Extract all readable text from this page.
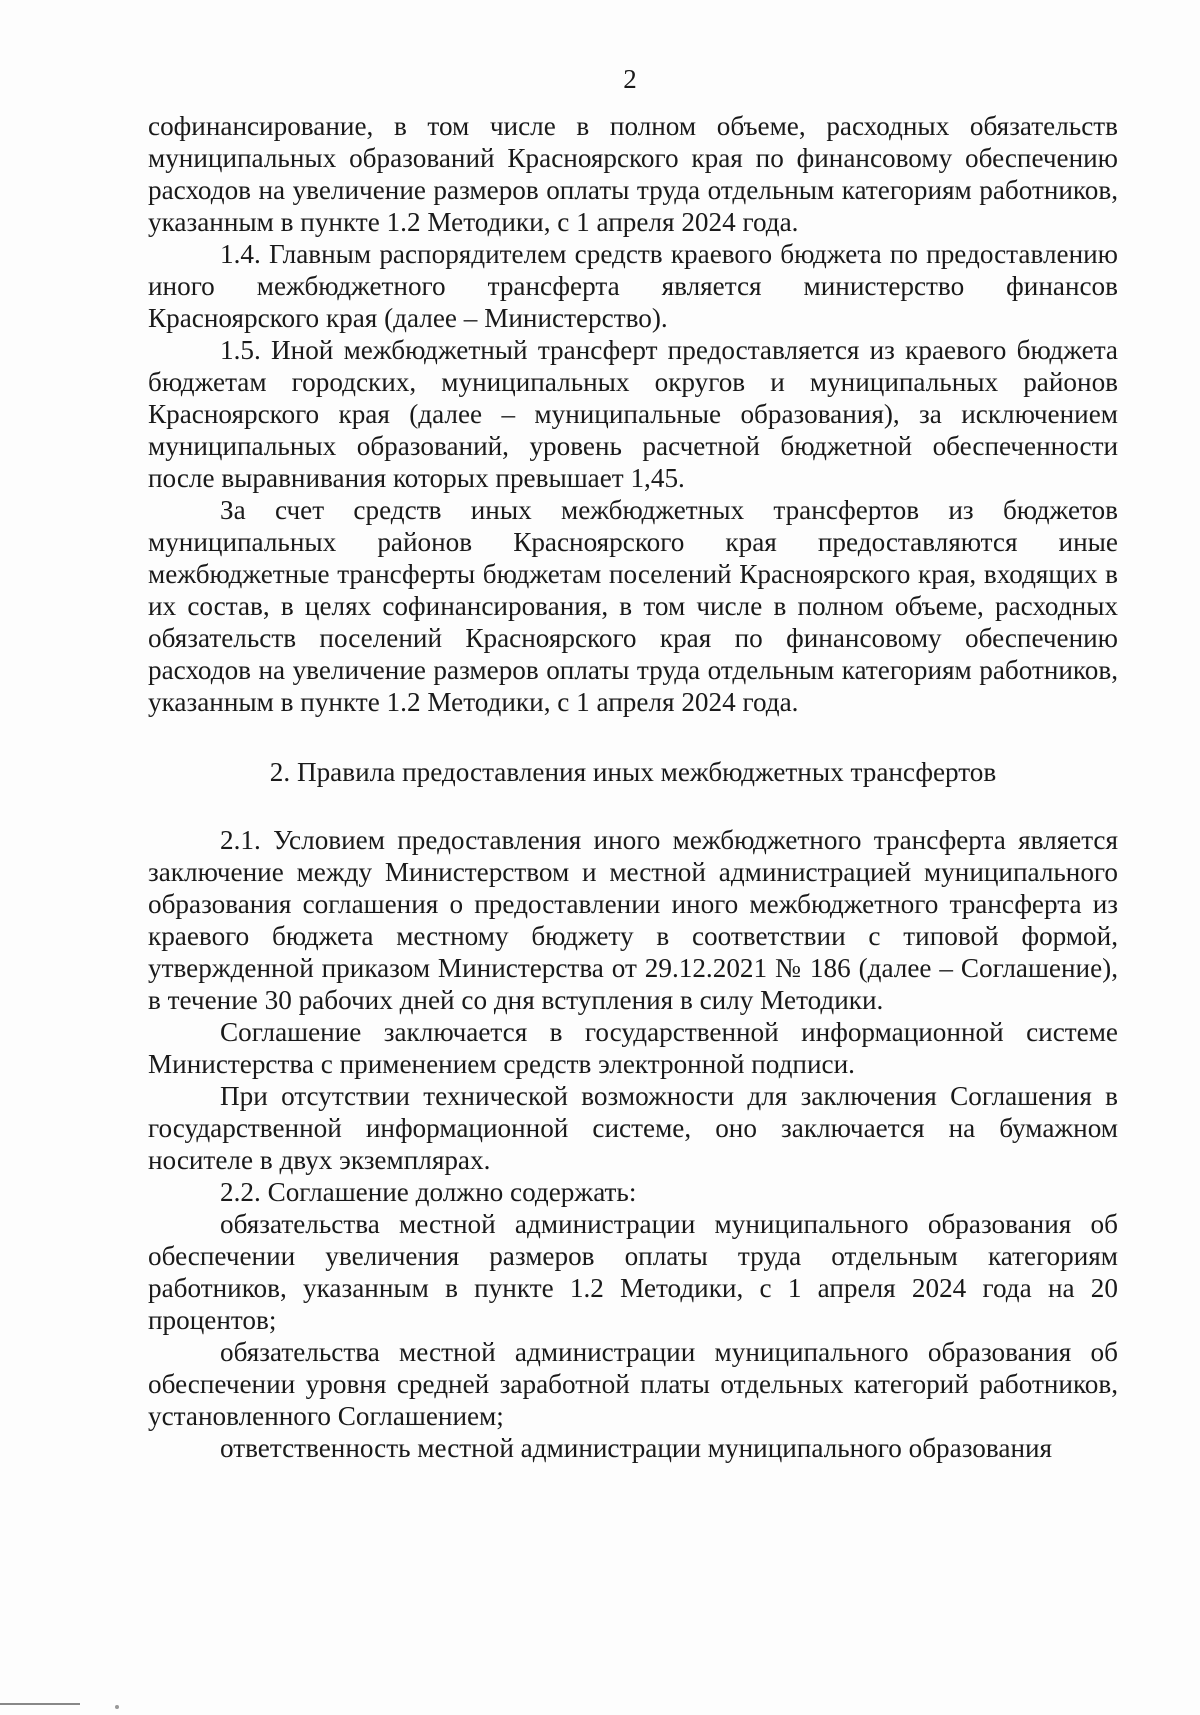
2

софинансирование, в том числе в полном объеме, расходных обязательств муниципальных образований Красноярского края по финансовому обеспечению расходов на увеличение размеров оплаты труда отдельным категориям работников, указанным в пункте 1.2 Методики, с 1 апреля 2024 года.

1.4. Главным распорядителем средств краевого бюджета по предоставлению иного межбюджетного трансферта является министерство финансов Красноярского края (далее – Министерство).

1.5. Иной межбюджетный трансферт предоставляется из краевого бюджета бюджетам городских, муниципальных округов и муниципальных районов Красноярского края (далее – муниципальные образования), за исключением муниципальных образований, уровень расчетной бюджетной обеспеченности после выравнивания которых превышает 1,45.

За счет средств иных межбюджетных трансфертов из бюджетов муниципальных районов Красноярского края предоставляются иные межбюджетные трансферты бюджетам поселений Красноярского края, входящих в их состав, в целях софинансирования, в том числе в полном объеме, расходных обязательств поселений Красноярского края по финансовому обеспечению расходов на увеличение размеров оплаты труда отдельным категориям работников, указанным в пункте 1.2 Методики, с 1 апреля 2024 года.

2. Правила предоставления иных межбюджетных трансфертов

2.1. Условием предоставления иного межбюджетного трансферта является заключение между Министерством и местной администрацией муниципального образования соглашения о предоставлении иного межбюджетного трансферта из краевого бюджета местному бюджету в соответствии с типовой формой, утвержденной приказом Министерства от 29.12.2021 № 186 (далее – Соглашение), в течение 30 рабочих дней со дня вступления в силу Методики.

Соглашение заключается в государственной информационной системе Министерства с применением средств электронной подписи.

При отсутствии технической возможности для заключения Соглашения в государственной информационной системе, оно заключается на бумажном носителе в двух экземплярах.

2.2. Соглашение должно содержать:

обязательства местной администрации муниципального образования об обеспечении увеличения размеров оплаты труда отдельным категориям работников, указанным в пункте 1.2 Методики, с 1 апреля 2024 года на 20 процентов;

обязательства местной администрации муниципального образования об обеспечении уровня средней заработной платы отдельных категорий работников, установленного Соглашением;

ответственность местной администрации муниципального образования
